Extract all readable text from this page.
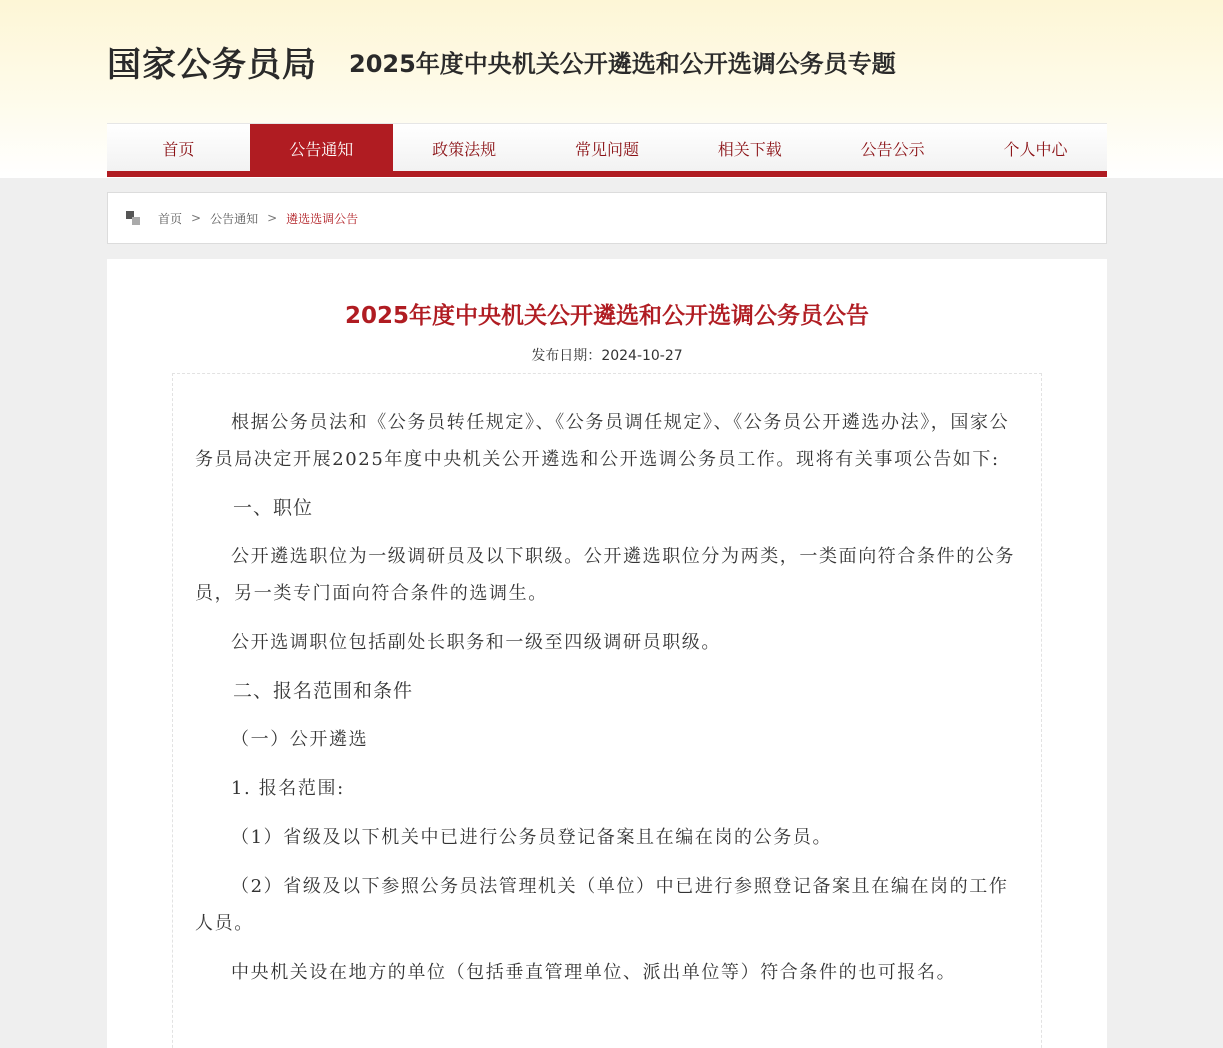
国家公务员局 2025年度中央机关公开遴选和公开选调公务员专题
首页	公告通知	政策法规	常见问题	相关下载	公告公示	个人中心
首页 > 公告通知 > 遴选选调公告
2025年度中央机关公开遴选和公开选调公务员公告
发布日期：2024-10-27

根据公务员法和《公务员转任规定》、《公务员调任规定》、《公务员公开遴选办法》，国家公务员局决定开展2025年度中央机关公开遴选和公开选调公务员工作。现将有关事项公告如下:

一、职位

公开遴选职位为一级调研员及以下职级。公开遴选职位分为两类，一类面向符合条件的公务员，另一类专门面向符合条件的选调生。

公开选调职位包括副处长职务和一级至四级调研员职级。

二、报名范围和条件

（一）公开遴选

1. 报名范围:

（1）省级及以下机关中已进行公务员登记备案且在编在岗的公务员。

（2）省级及以下参照公务员法管理机关（单位）中已进行参照登记备案且在编在岗的工作人员。

中央机关设在地方的单位（包括垂直管理单位、派出单位等）符合条件的也可报名。
